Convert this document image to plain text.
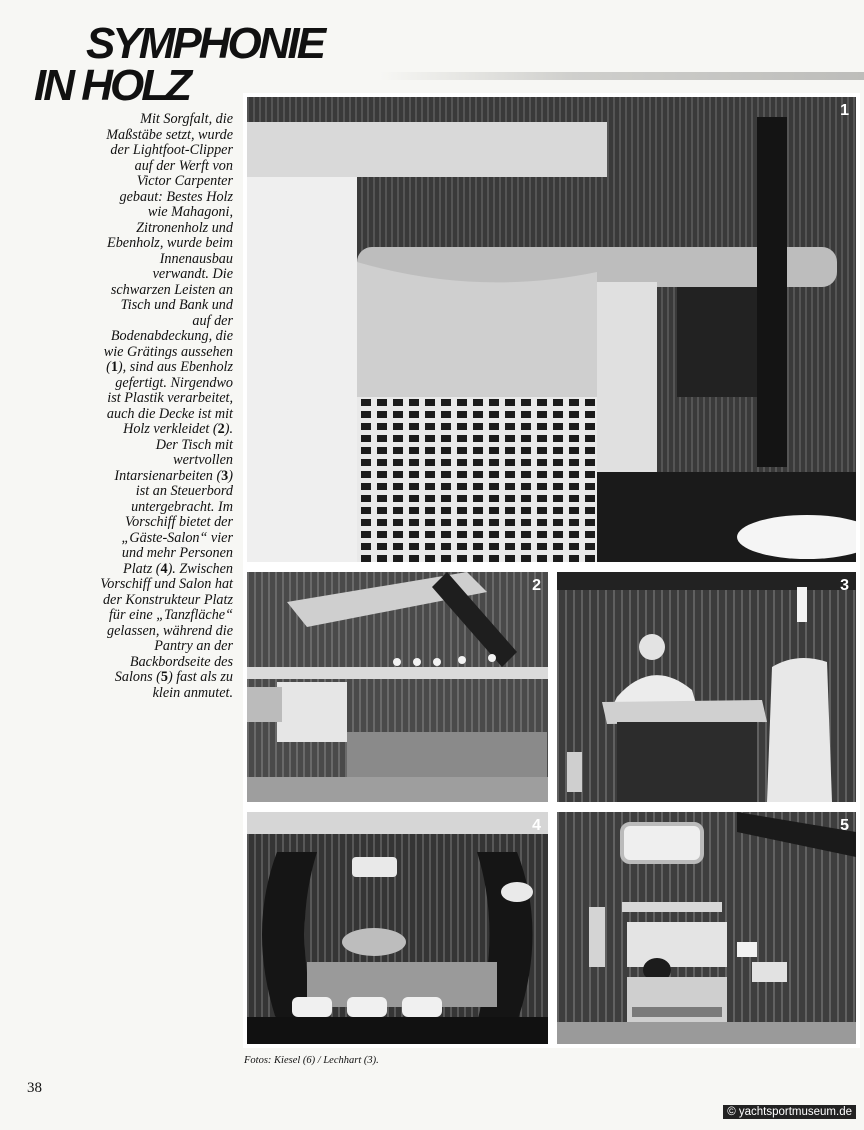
SYMPHONIE
IN HOLZ
Mit Sorgfalt, die Maßstäbe setzt, wurde der Lightfoot-Clipper auf der Werft von Victor Carpenter gebaut: Bestes Holz wie Mahagoni, Zitronenholz und Ebenholz, wurde beim Innenausbau verwandt. Die schwarzen Leisten an Tisch und Bank und auf der Bodenabdeckung, die wie Grätings aussehen (1), sind aus Ebenholz gefertigt. Nirgendwo ist Plastik verarbeitet, auch die Decke ist mit Holz verkleidet (2). Der Tisch mit wertvollen Intarsienarbeiten (3) ist an Steuerbord untergebracht. Im Vorschiff bietet der „Gäste-Salon“ vier und mehr Personen Platz (4). Zwischen Vorschiff und Salon hat der Konstrukteur Platz für eine „Tanzfläche“ gelassen, während die Pantry an der Backbordseite des Salons (5) fast als zu klein anmutet.
1
2	3
4	5
Fotos: Kiesel (6) / Lechhart (3).
38
© yachtsportmuseum.de
